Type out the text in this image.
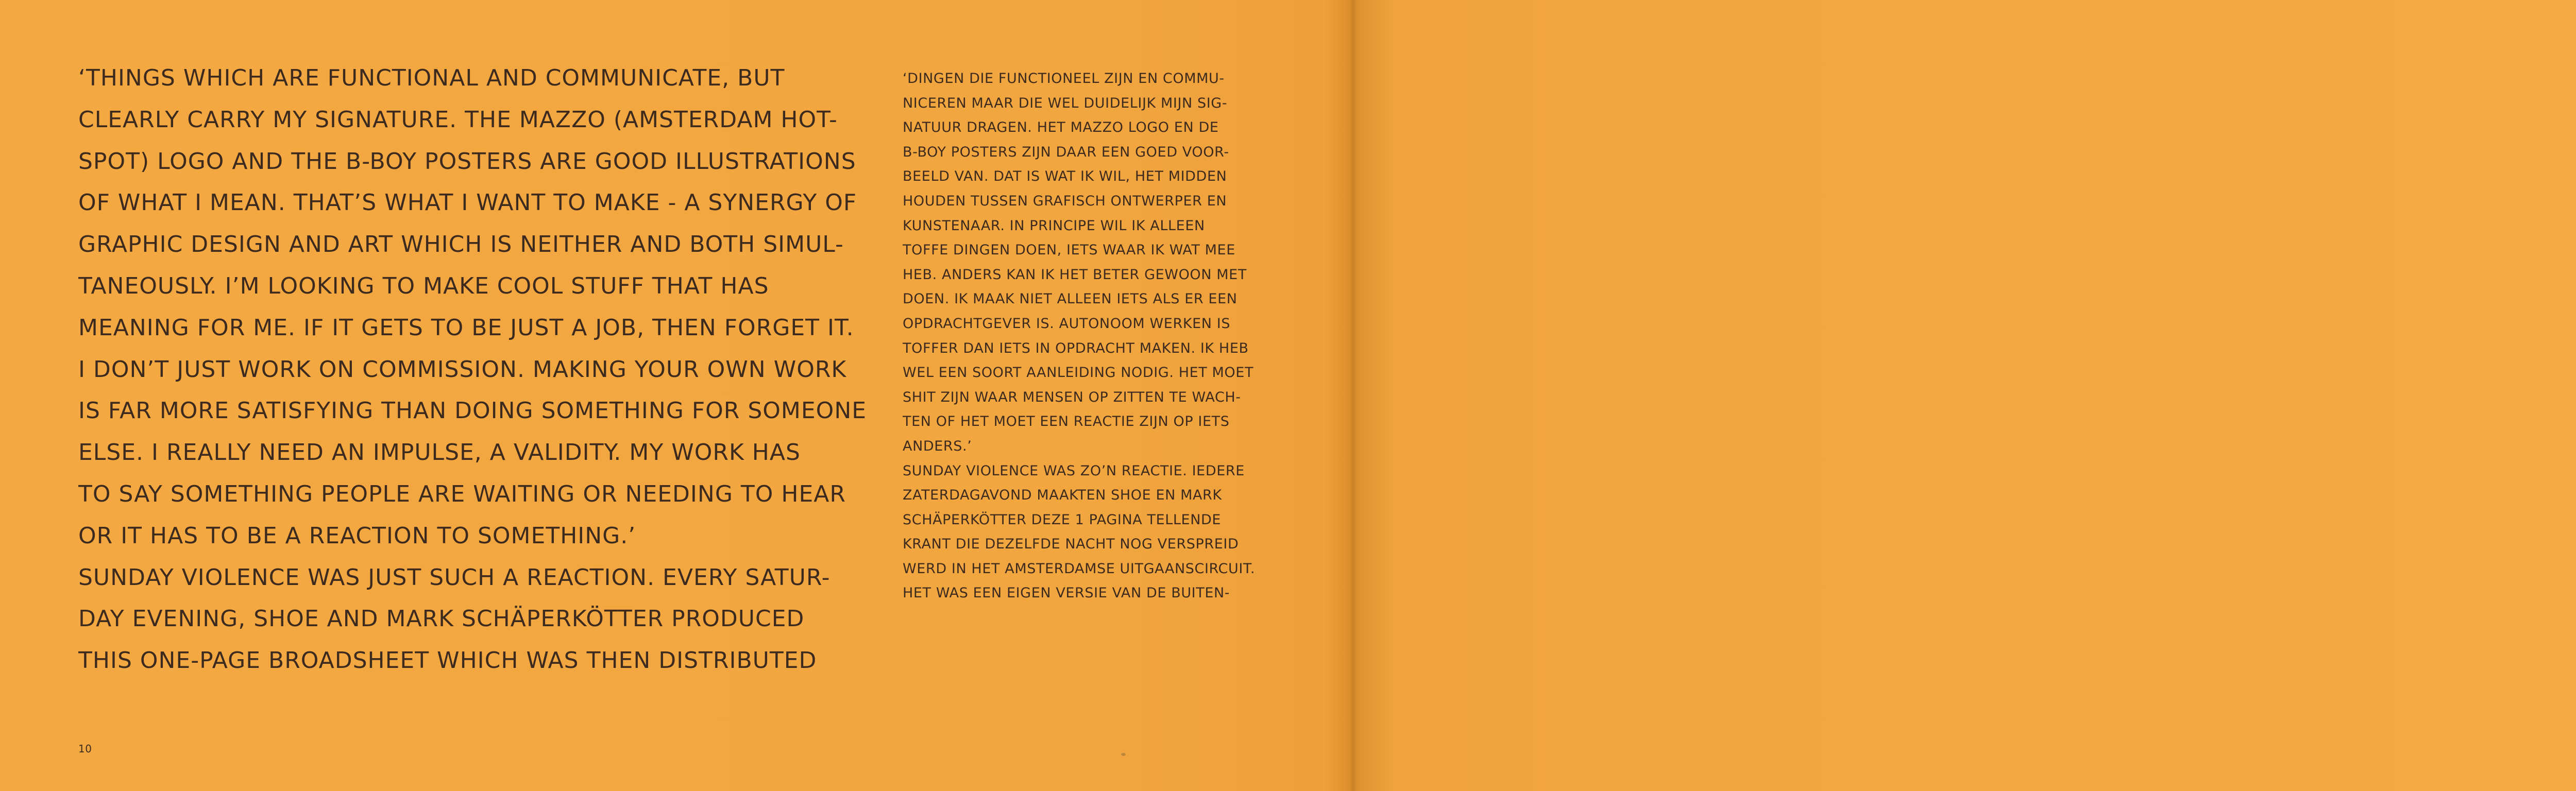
‘THINGS WHICH ARE FUNCTIONAL AND COMMUNICATE, BUT
CLEARLY CARRY MY SIGNATURE. THE MAZZO (AMSTERDAM HOT-
SPOT) LOGO AND THE B-BOY POSTERS ARE GOOD ILLUSTRATIONS
OF WHAT I MEAN. THAT’S WHAT I WANT TO MAKE - A SYNERGY OF
GRAPHIC DESIGN AND ART WHICH IS NEITHER AND BOTH SIMUL-
TANEOUSLY. I’M LOOKING TO MAKE COOL STUFF THAT HAS
MEANING FOR ME. IF IT GETS TO BE JUST A JOB, THEN FORGET IT.
I DON’T JUST WORK ON COMMISSION. MAKING YOUR OWN WORK
IS FAR MORE SATISFYING THAN DOING SOMETHING FOR SOMEONE
ELSE. I REALLY NEED AN IMPULSE, A VALIDITY. MY WORK HAS
TO SAY SOMETHING PEOPLE ARE WAITING OR NEEDING TO HEAR
OR IT HAS TO BE A REACTION TO SOMETHING.’
SUNDAY VIOLENCE WAS JUST SUCH A REACTION. EVERY SATUR-
DAY EVENING, SHOE AND MARK SCHÄPERKÖTTER PRODUCED
THIS ONE-PAGE BROADSHEET WHICH WAS THEN DISTRIBUTED
‘DINGEN DIE FUNCTIONEEL ZIJN EN COMMU-
NICEREN MAAR DIE WEL DUIDELIJK MIJN SIG-
NATUUR DRAGEN. HET MAZZO LOGO EN DE
B-BOY POSTERS ZIJN DAAR EEN GOED VOOR-
BEELD VAN. DAT IS WAT IK WIL, HET MIDDEN
HOUDEN TUSSEN GRAFISCH ONTWERPER EN
KUNSTENAAR. IN PRINCIPE WIL IK ALLEEN
TOFFE DINGEN DOEN, IETS WAAR IK WAT MEE
HEB. ANDERS KAN IK HET BETER GEWOON MET
DOEN. IK MAAK NIET ALLEEN IETS ALS ER EEN
OPDRACHTGEVER IS. AUTONOOM WERKEN IS
TOFFER DAN IETS IN OPDRACHT MAKEN. IK HEB
WEL EEN SOORT AANLEIDING NODIG. HET MOET
SHIT ZIJN WAAR MENSEN OP ZITTEN TE WACH-
TEN OF HET MOET EEN REACTIE ZIJN OP IETS
ANDERS.’
SUNDAY VIOLENCE WAS ZO’N REACTIE. IEDERE
ZATERDAGAVOND MAAKTEN SHOE EN MARK
SCHÄPERKÖTTER DEZE 1 PAGINA TELLENDE
KRANT DIE DEZELFDE NACHT NOG VERSPREID
WERD IN HET AMSTERDAMSE UITGAANSCIRCUIT.
HET WAS EEN EIGEN VERSIE VAN DE BUITEN-
10
